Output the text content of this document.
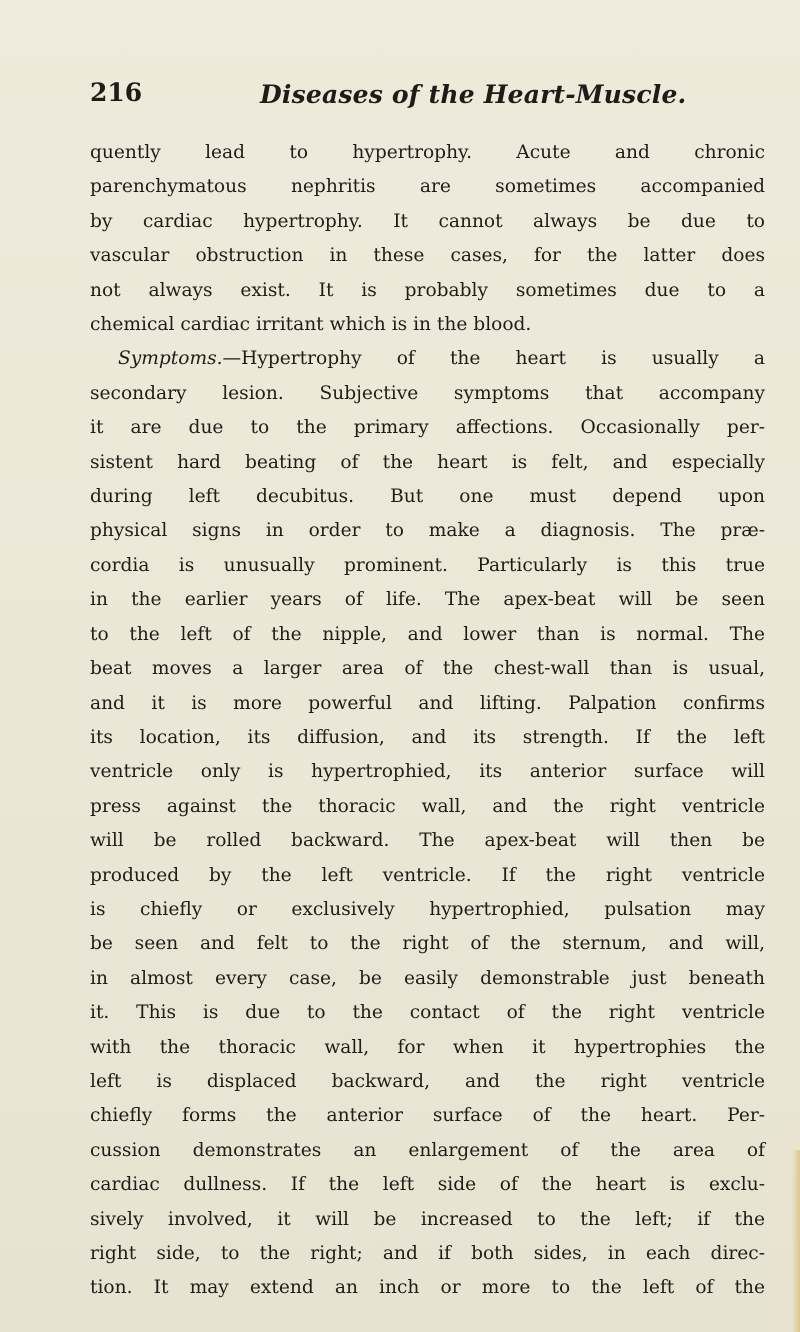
216	Diseases of the Heart-Muscle.
quently lead to hypertrophy. Acute and chronic
parenchymatous nephritis are sometimes accompanied
by cardiac hypertrophy. It cannot always be due to
vascular obstruction in these cases, for the latter does
not always exist. It is probably sometimes due to a
chemical cardiac irritant which is in the blood.
Symptoms.—Hypertrophy of the heart is usually a
secondary lesion. Subjective symptoms that accompany
it are due to the primary affections. Occasionally per-
sistent hard beating of the heart is felt, and especially
during left decubitus. But one must depend upon
physical signs in order to make a diagnosis. The præ-
cordia is unusually prominent. Particularly is this true
in the earlier years of life. The apex-beat will be seen
to the left of the nipple, and lower than is normal. The
beat moves a larger area of the chest-wall than is usual,
and it is more powerful and lifting. Palpation confirms
its location, its diffusion, and its strength. If the left
ventricle only is hypertrophied, its anterior surface will
press against the thoracic wall, and the right ventricle
will be rolled backward. The apex-beat will then be
produced by the left ventricle. If the right ventricle
is chiefly or exclusively hypertrophied, pulsation may
be seen and felt to the right of the sternum, and will,
in almost every case, be easily demonstrable just beneath
it. This is due to the contact of the right ventricle
with the thoracic wall, for when it hypertrophies the
left is displaced backward, and the right ventricle
chiefly forms the anterior surface of the heart. Per-
cussion demonstrates an enlargement of the area of
cardiac dullness. If the left side of the heart is exclu-
sively involved, it will be increased to the left; if the
right side, to the right; and if both sides, in each direc-
tion. It may extend an inch or more to the left of the
